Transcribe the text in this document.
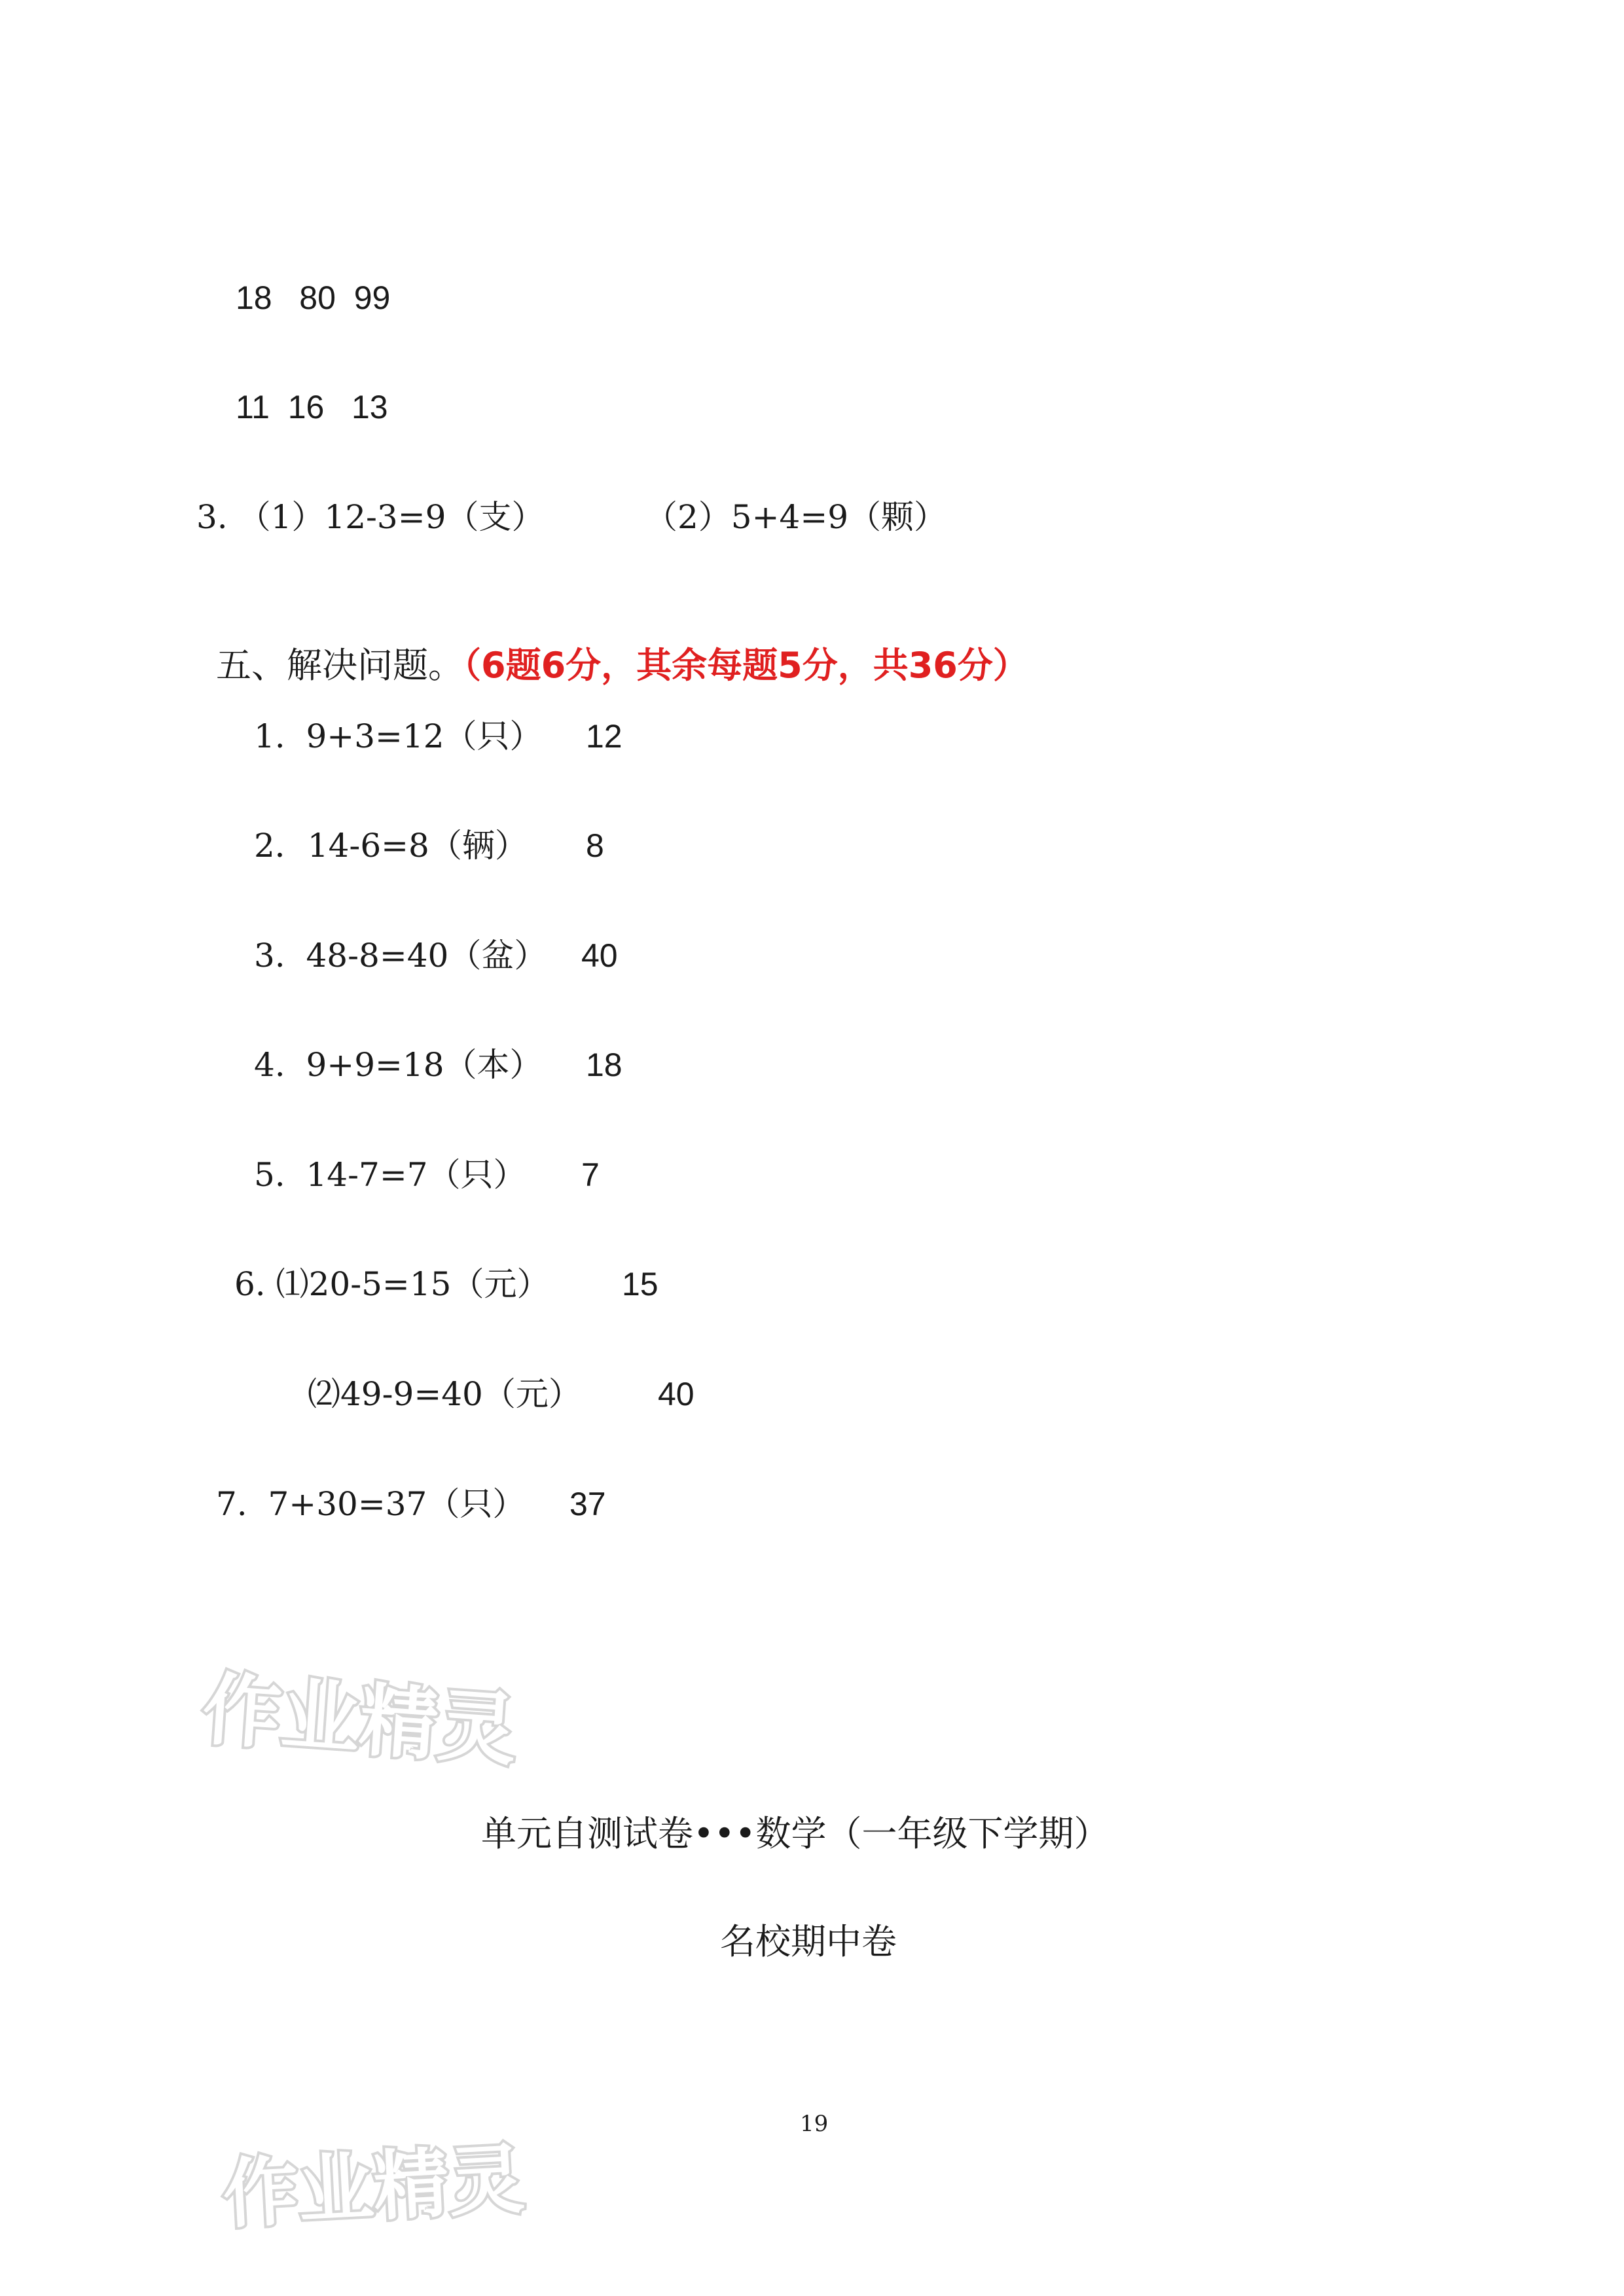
18   80  99
11  16   13
3. （1）12-3=9（支）	（2）5+4=9（颗）

五、解决问题。（6题6分，其余每题5分，共36分）

1.  9+3=12（只） 12
2．14-6=8（辆） 8
3.  48-8=40（盆） 40
4.  9+9=18（本） 18
5.  14-7=7（只） 7
6. ⑴20-5=15（元） 15
⑵49-9=40（元） 40
7.  7+30=37（只） 37
作业精灵
单元自测试卷•••数学（一年级下学期）
名校期中卷
19
作业精灵
